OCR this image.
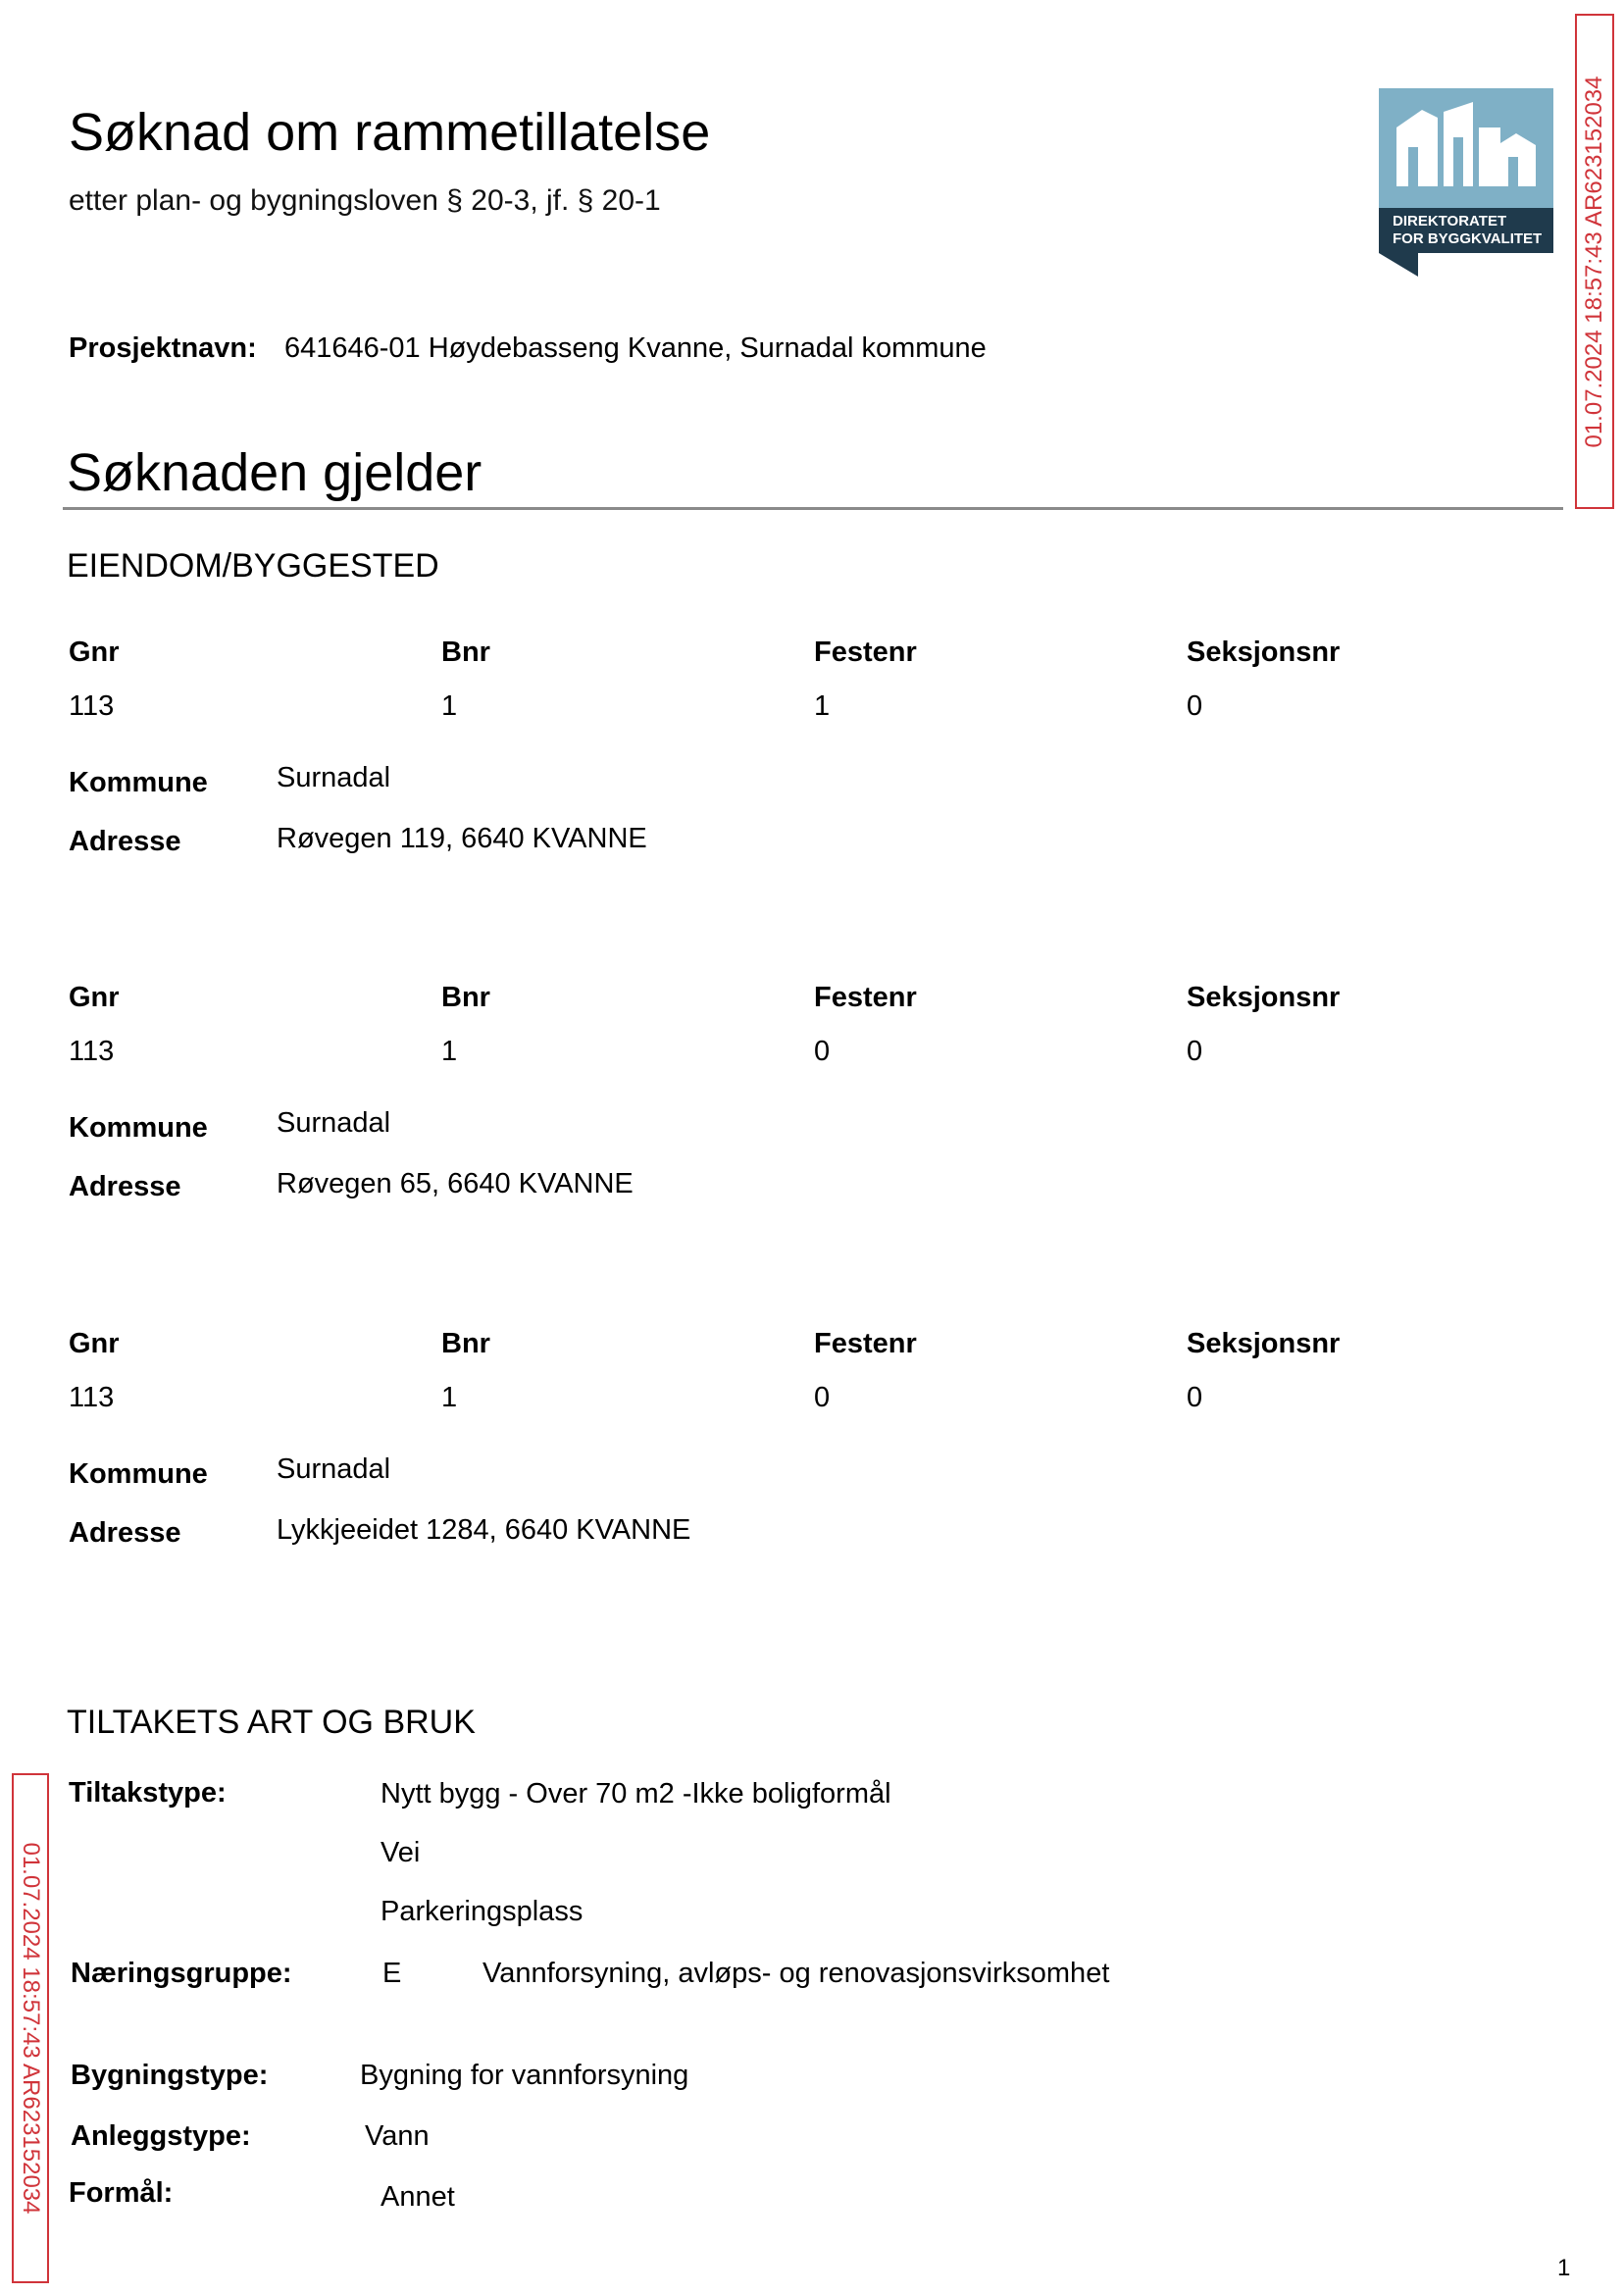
Søknad om rammetillatelse
etter plan- og bygningsloven § 20-3, jf. § 20-1
DIREKTORATET
FOR BYGGKVALITET 01.07.2024 18:57:43 AR623152034
Prosjektnavn: 641646-01 Høydebasseng Kvanne, Surnadal kommune
Søknaden gjelder
EIENDOM/BYGGESTED
Gnr	Bnr	Festenr	Seksjonsnr
113	1	1	0
Kommune Surnadal
Adresse	Røvegen 119, 6640 KVANNE
Gnr	Bnr	Festenr	Seksjonsnr
113	1	0	0
Kommune Surnadal
Adresse	Røvegen 65, 6640 KVANNE
Gnr	Bnr	Festenr	Seksjonsnr
113	1	0	0
Kommune Surnadal
Adresse	Lykkjeeidet 1284, 6640 KVANNE
TILTAKETS ART OG BRUK
Tiltakstype:	Nytt bygg - Over 70 m2 -Ikke boligformål
Vei
Parkeringsplass
Næringsgruppe:	E	Vannforsyning, avløps- og renovasjonsvirksomhet
Bygningstype:	Bygning for vannforsyning
Anleggstype:	Vann
Formål:	Annet
01.07.2024 18:57:43 AR623152034
1
